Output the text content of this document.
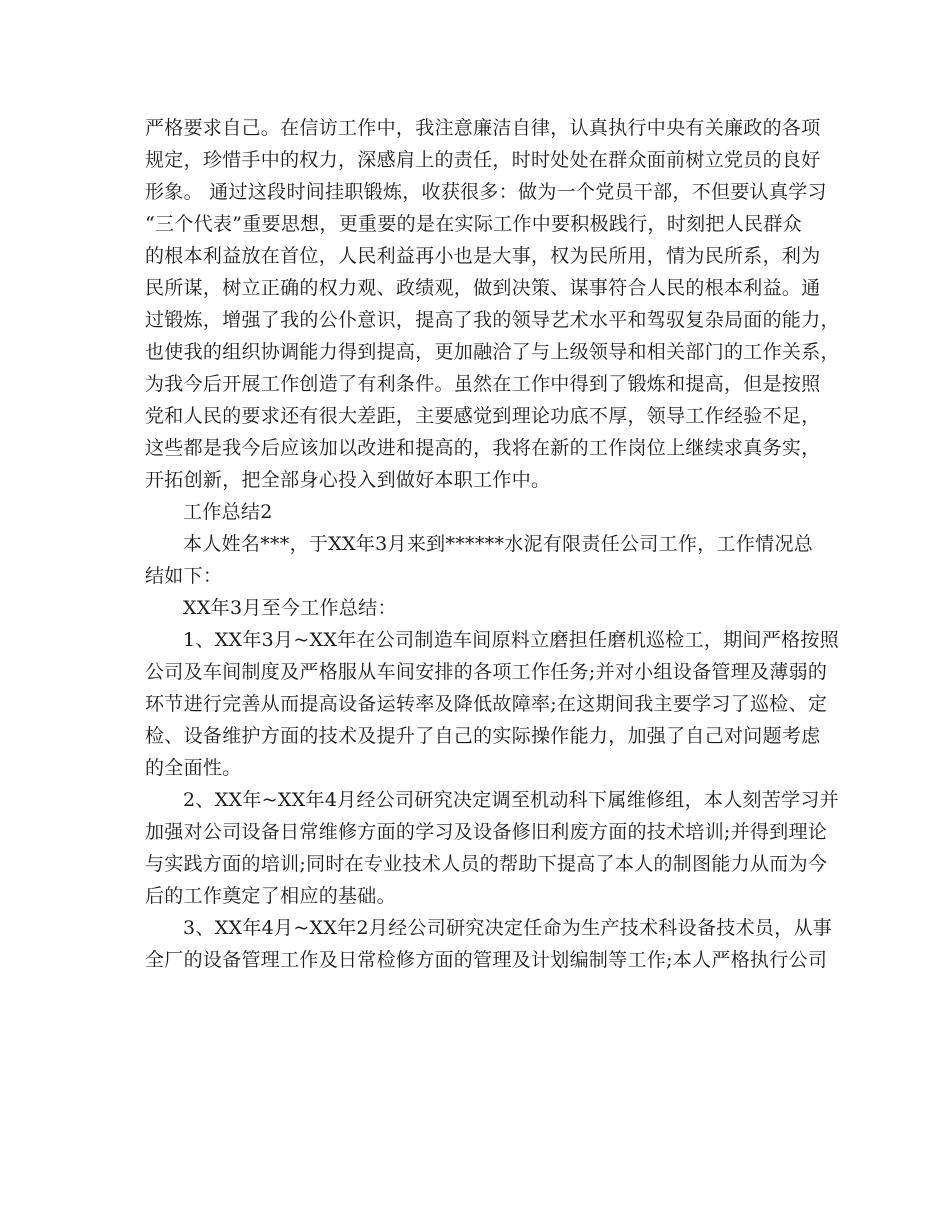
严格要求自己。在信访工作中，我注意廉洁自律，认真执行中央有关廉政的各项
规定，珍惜手中的权力，深感肩上的责任，时时处处在群众面前树立党员的良好
形象。 通过这段时间挂职锻炼，收获很多：做为一个党员干部，不但要认真学习
“三个代表”重要思想，更重要的是在实际工作中要积极践行，时刻把人民群众
的根本利益放在首位，人民利益再小也是大事，权为民所用，情为民所系，利为
民所谋，树立正确的权力观、政绩观，做到决策、谋事符合人民的根本利益。通
过锻炼，增强了我的公仆意识，提高了我的领导艺术水平和驾驭复杂局面的能力，
也使我的组织协调能力得到提高，更加融洽了与上级领导和相关部门的工作关系，
为我今后开展工作创造了有利条件。虽然在工作中得到了锻炼和提高，但是按照
党和人民的要求还有很大差距，主要感觉到理论功底不厚，领导工作经验不足，
这些都是我今后应该加以改进和提高的，我将在新的工作岗位上继续求真务实，
开拓创新，把全部身心投入到做好本职工作中。
工作总结2
本人姓名***，于XX年3月来到******水泥有限责任公司工作，工作情况总
结如下：
XX年3月至今工作总结：
1、XX年3月~XX年在公司制造车间原料立磨担任磨机巡检工，期间严格按照
公司及车间制度及严格服从车间安排的各项工作任务;并对小组设备管理及薄弱的
环节进行完善从而提高设备运转率及降低故障率;在这期间我主要学习了巡检、定
检、设备维护方面的技术及提升了自己的实际操作能力，加强了自己对问题考虑
的全面性。
2、XX年~XX年4月经公司研究决定调至机动科下属维修组，本人刻苦学习并
加强对公司设备日常维修方面的学习及设备修旧利废方面的技术培训;并得到理论
与实践方面的培训;同时在专业技术人员的帮助下提高了本人的制图能力从而为今
后的工作奠定了相应的基础。
3、XX年4月~XX年2月经公司研究决定任命为生产技术科设备技术员，从事
全厂的设备管理工作及日常检修方面的管理及计划编制等工作;本人严格执行公司
